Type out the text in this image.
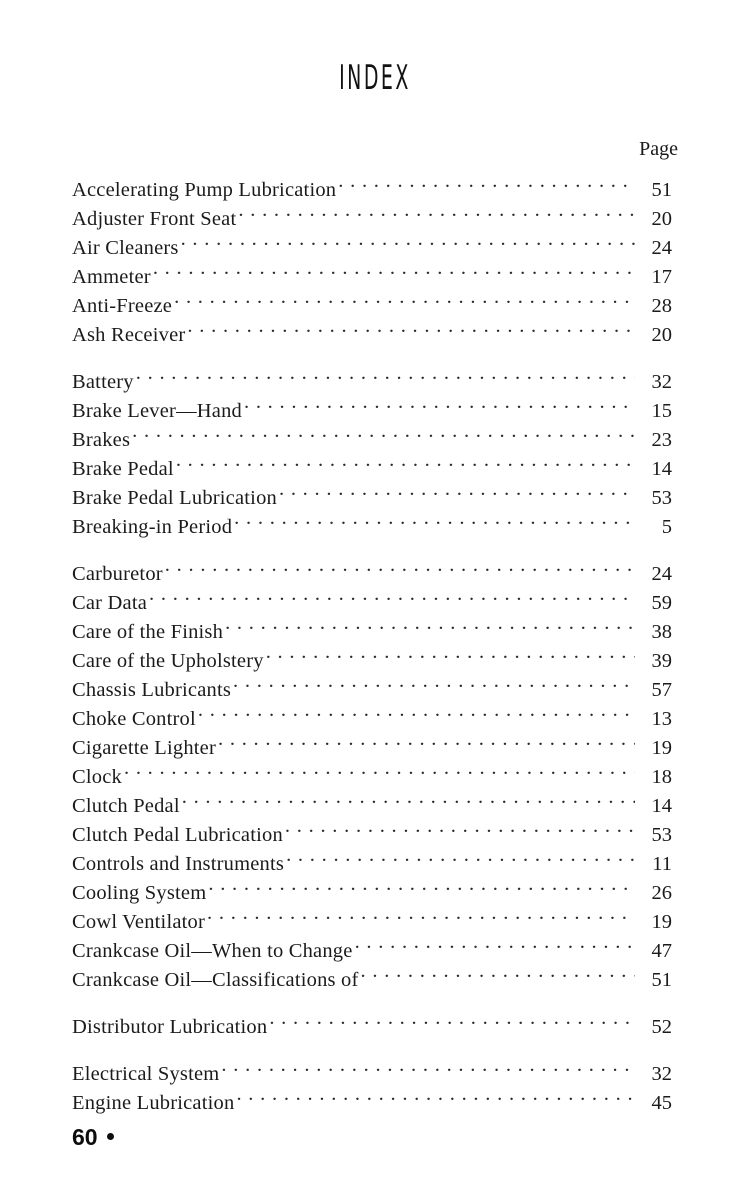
INDEX
Page
Accelerating Pump Lubrication . . .	51
Adjuster Front Seat . . .	20
Air Cleaners . . .	24
Ammeter . . .	17
Anti-Freeze . . .	28
Ash Receiver . . .	20
Battery . . .	32
Brake Lever—Hand . . .	15
Brakes . . .	23
Brake Pedal . . .	14
Brake Pedal Lubrication . . .	53
Breaking-in Period . . .	5
Carburetor . . .	24
Car Data . . .	59
Care of the Finish . . .	38
Care of the Upholstery . . .	39
Chassis Lubricants . . .	57
Choke Control . . .	13
Cigarette Lighter . . .	19
Clock . . .	18
Clutch Pedal . . .	14
Clutch Pedal Lubrication . . .	53
Controls and Instruments . . .	11
Cooling System . . .	26
Cowl Ventilator . . .	19
Crankcase Oil—When to Change . . .	47
Crankcase Oil—Classifications of . . .	51
Distributor Lubrication . . .	52
Electrical System . . .	32
Engine Lubrication . . .	45
60
